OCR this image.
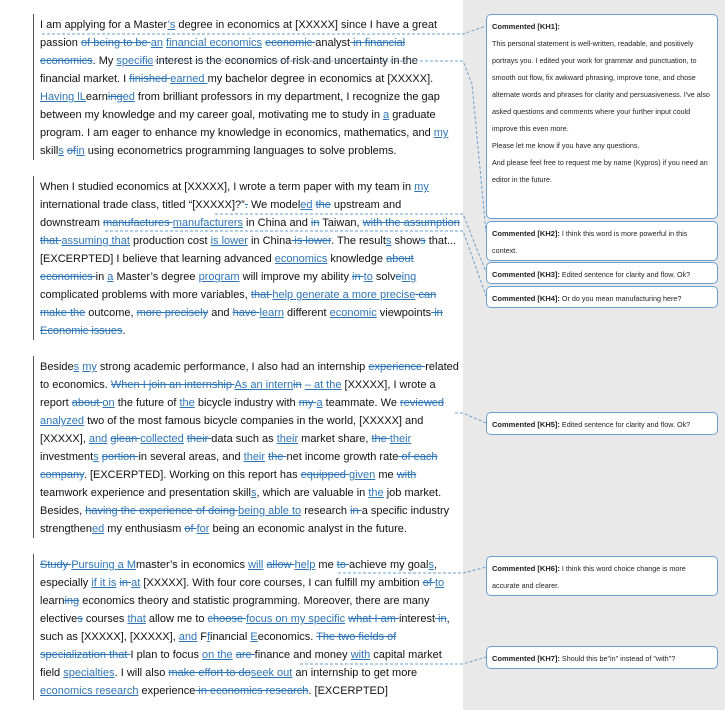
I am applying for a Master’s degree in economics at [XXXXX] since I have a great passion of being to be an financial economics economic analyst in financial economics. My specific interest is the economics of risk and uncertainty in the financial market. I finished earned my bachelor degree in economics at [XXXXX]. Having lLearninged from brilliant professors in my department, I recognize the gap between my knowledge and my career goal, motivating me to study in a graduate program. I am eager to enhance my knowledge in economics, mathematics, and my skills ofin using econometrics programming languages to solve problems.
When I studied economics at [XXXXX], I wrote a term paper with my team in my international trade class, titled “[XXXXX]?”. We modeled the upstream and downstream manufactures manufacturers in China and in Taiwan, with the assumption that assuming that production cost is lower in China is lower. The results shows that... [EXCERPTED] I believe that learning advanced economics knowledge about economics in a Master’s degree program will improve my ability in to solveing complicated problems with more variables, that help generate a more precise can make the outcome, more precisely and have learn different economic viewpoints in Economic issues.
Besides my strong academic performance, I also had an internship experience related to economics. When I join an internship As an internin – at the [XXXXX], I wrote a report about on the future of the bicycle industry with my a teammate. We reviewed analyzed two of the most famous bicycle companies in the world, [XXXXX] and [XXXXX], and glean collected their data such as their market share, the their investments portion in several areas, and their the net income growth rate of each company. [EXCERPTED]. Working on this report has equipped given me with teamwork experience and presentation skills, which are valuable in the job market. Besides, having the experience of doing being able to research in a specific industry strengthened my enthusiasm of for being an economic analyst in the future.
Study Pursuing a Mmaster’s in economics will allow help me to achieve my goals, especially if it is in at [XXXXX]. With four core courses, I can fulfill my ambition of to learning economics theory and statistic programming. Moreover, there are many electives courses that allow me to choose focus on my specific what I am interest in, such as [XXXXX], [XXXXX], and Ffinancial Eeconomics. The two fields of specialization that I plan to focus on the are finance and money with capital market field specialties. I will also make effort to doseek out an internship to get more economics research experience in economics research. [EXCERPTED]

Commented [KH1]:

This personal statement is well-written, readable, and positively portrays you. I edited your work for grammar and punctuation, to smooth out flow, fix awkward phrasing, improve tone, and chose alternate words and phrases for clarity and persuasiveness. I've also asked questions and comments where your further input could improve this even more.

Please let me know if you have any questions.

And please feel free to request me by name (Kypros) if you need an editor in the future.

Commented [KH2]: I think this word is more powerful in this context.
Commented [KH3]: Edited sentence for clarity and flow. Ok?
Commented [KH4]: Or do you mean manufacturing here?
Commented [KH5]: Edited sentence for clarity and flow. Ok?
Commented [KH6]: I think this word choice change is more accurate and clearer.
Commented [KH7]: Should this be"in" instead of "with"?
